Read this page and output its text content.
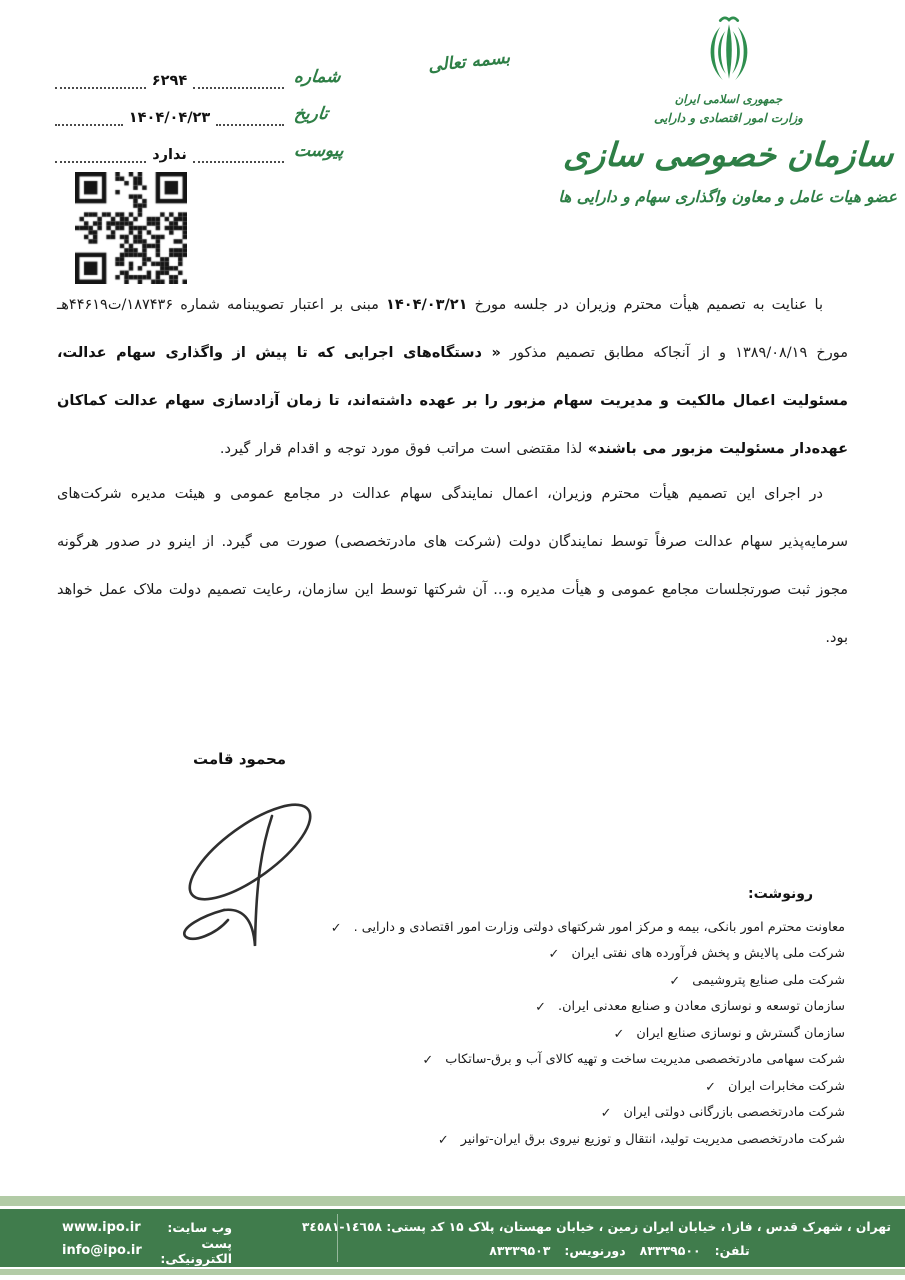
شماره
۶۲۹۴
تاریخ
۱۴۰۴/۰۴/۲۳
پیوست
ندارد
بسمه تعالی
جمهوری اسلامی ایران
وزارت امور اقتصادی و دارایی
سازمان خصوصی سازی
عضو هیات عامل و معاون واگذاری سهام و دارایی ها

با عنایت به تصمیم هیأت محترم وزیران در جلسه مورخ ۱۴۰۴/۰۳/۲۱ مبنی بر اعتبار تصویبنامه شماره ۱۸۷۴۳۶/ت۴۴۶۱۹هـ مورخ ۱۳۸۹/۰۸/۱۹ و از آنجاکه مطابق تصمیم مذکور « دستگاه‌های اجرایی که تا پیش از واگذاری سهام عدالت، مسئولیت اعمال مالکیت و مدیریت سهام مزبور را بر عهده داشته‌اند، تا زمان آزادسازی سهام عدالت کماکان عهده‌دار مسئولیت مزبور می باشند» لذا مقتضی است مراتب فوق مورد توجه و اقدام قرار گیرد.

در اجرای این تصمیم هیأت محترم وزیران، اعمال نمایندگی سهام عدالت در مجامع عمومی و هیئت مدیره شرکت‌های سرمایه‌پذیر سهام عدالت صرفاً توسط نمایندگان دولت (شرکت های مادرتخصصی) صورت می گیرد. از اینرو در صدور هرگونه مجوز ثبت صورتجلسات مجامع عمومی و هیأت مدیره و... آن شرکتها توسط این سازمان، رعایت تصمیم دولت ملاک عمل خواهد بود.

محمود قامت
رونوشت:
✓ معاونت محترم امور بانکی، بیمه و مرکز امور شرکتهای دولتی وزارت امور اقتصادی و دارایی .
✓ شرکت ملی پالایش و پخش فرآورده های نفتی ایران
✓ شرکت ملی صنایع پتروشیمی
✓ سازمان توسعه و نوسازی معادن و صنایع معدنی ایران.
✓ سازمان گسترش و نوسازی صنایع ایران
✓ شرکت سهامی مادرتخصصی مدیریت ساخت و تهیه کالای آب و برق-ساتکاب
✓ شرکت مخابرات ایران
✓ شرکت مادرتخصصی بازرگانی دولتی ایران
✓ شرکت مادرتخصصی مدیریت تولید، انتقال و توزیع نیروی برق ایران-توانیر
وب سایت:
www.ipo.ir
پست الکترونیکی:
info@ipo.ir
تهران ، شهرک قدس ، فاز۱، خیابان ایران زمین ، خیابان مهستان، پلاک ۱۵ کد پستی: ١٤٦٥٨-٣٤٥٨١
تلفن:
۸۳۳۳۹۵۰۰
دورنویس:
۸۳۳۳۹۵۰۳
